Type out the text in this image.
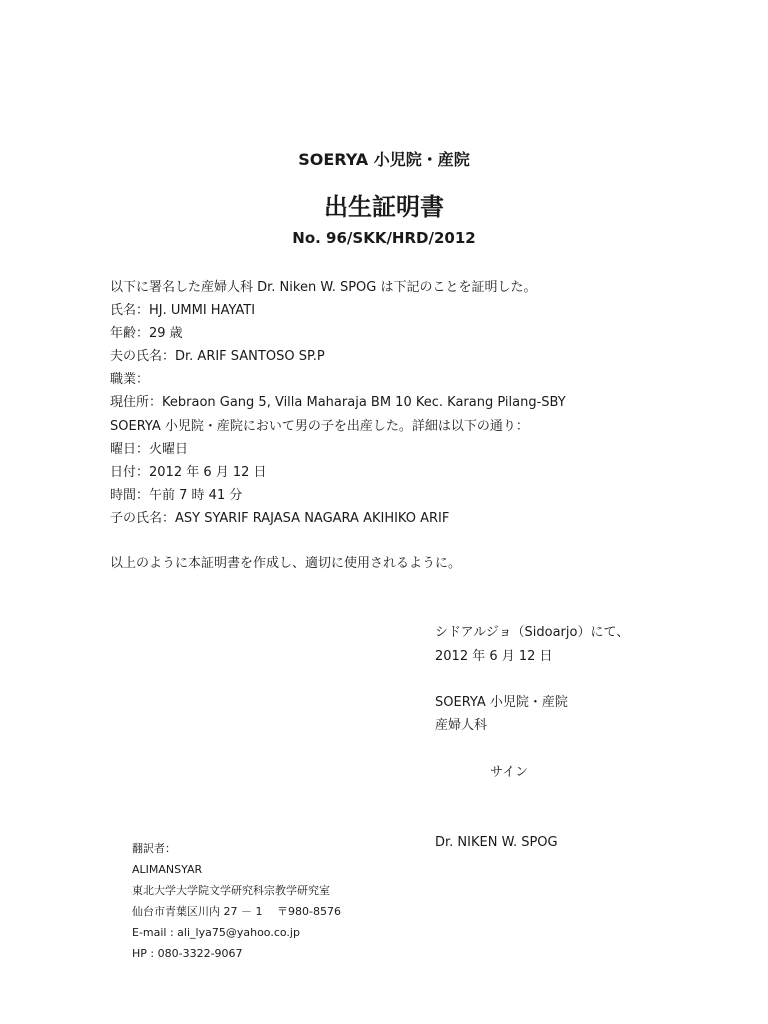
SOERYA 小児院・産院
出生証明書
No. 96/SKK/HRD/2012
以下に署名した産婦人科 Dr. Niken W. SPOG は下記のことを証明した。
氏名：HJ. UMMI HAYATI
年齢：29 歳
夫の氏名：Dr. ARIF SANTOSO SP.P
職業：
現住所：Kebraon Gang 5, Villa Maharaja BM 10 Kec. Karang Pilang-SBY
SOERYA 小児院・産院において男の子を出産した。詳細は以下の通り：
曜日：火曜日
日付：2012 年 6 月 12 日
時間：午前 7 時 41 分
子の氏名：ASY SYARIF RAJASA NAGARA AKIHIKO ARIF
以上のように本証明書を作成し、適切に使用されるように。
シドアルジョ（Sidoarjo）にて、
2012 年 6 月 12 日
SOERYA 小児院・産院
産婦人科
サイン
Dr. NIKEN W. SPOG
翻訳者：
ALIMANSYAR
東北大学大学院文学研究科宗教学研究室
仙台市青葉区川内 27 － 1　 〒980-8576
E-mail : ali_lya75@yahoo.co.jp
HP : 080-3322-9067
